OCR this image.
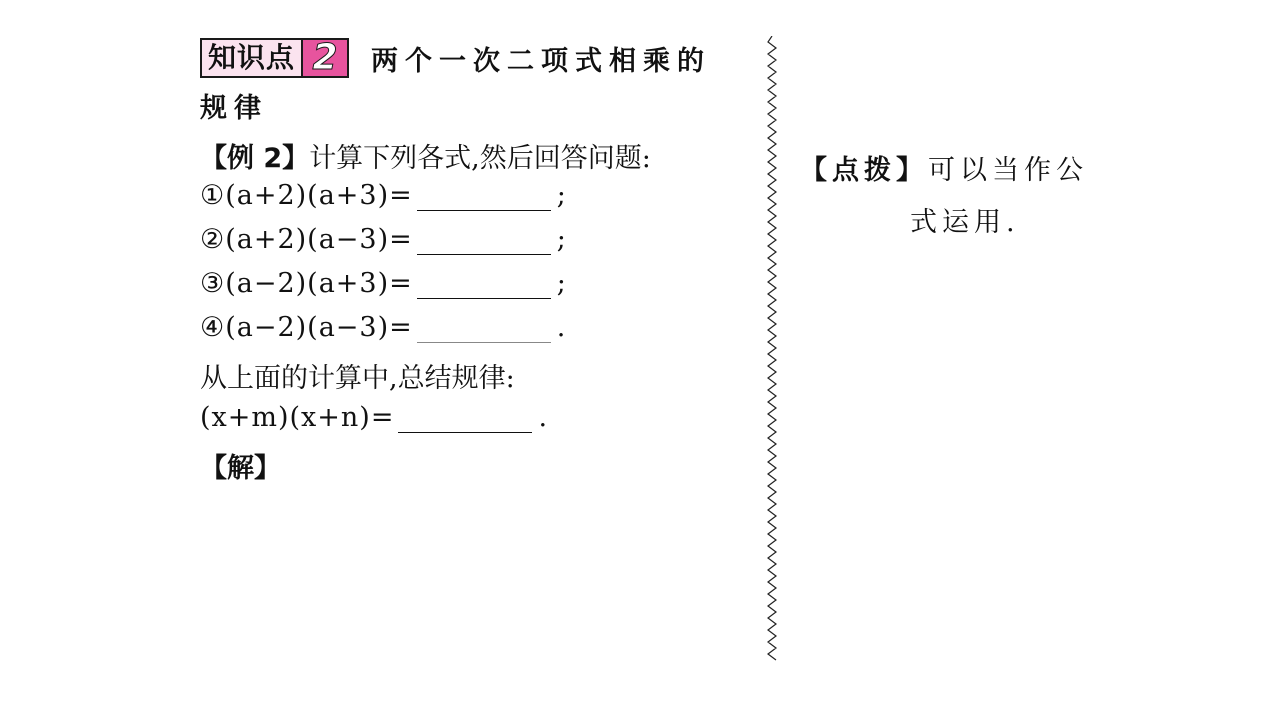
知识点 2	两个一次二项式相乘的
规律
【例 2】计算下列各式,然后回答问题:
①(a+2)(a+3)=	;
②(a+2)(a−3)=	;
③(a−2)(a+3)=	;
④(a−2)(a−3)=	.
从上面的计算中,总结规律:
(x+m)(x+n)=	.
【解】
【点拨】可以当作公
式运用.
